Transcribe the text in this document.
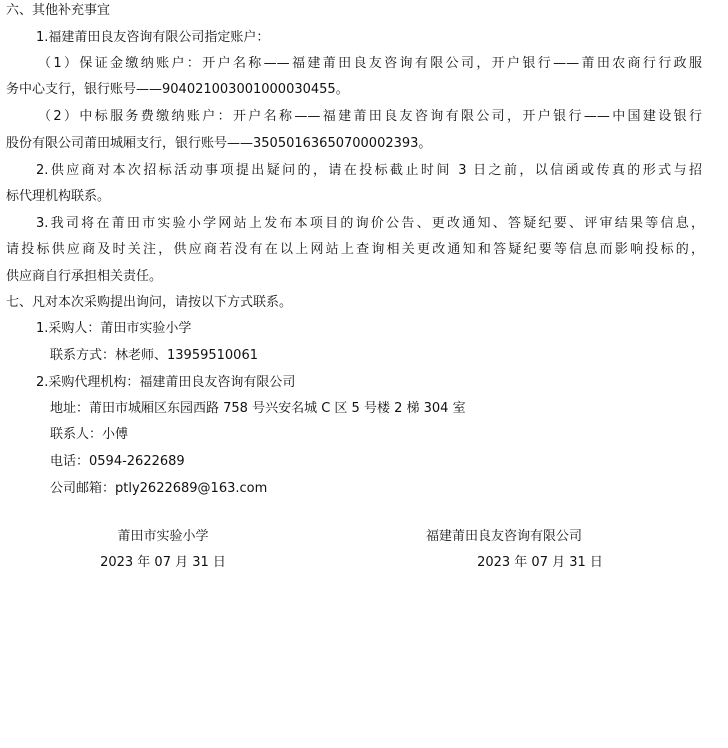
六、其他补充事宜
1.福建莆田良友咨询有限公司指定账户：
（1）保证金缴纳账户：开户名称——福建莆田良友咨询有限公司，开户银行——莆田农商行行政服
务中心支行，银行账号——904021003001000030455。
（2）中标服务费缴纳账户：开户名称——福建莆田良友咨询有限公司，开户银行——中国建设银行
股份有限公司莆田城厢支行，银行账号——35050163650700002393。
2.供应商对本次招标活动事项提出疑问的，请在投标截止时间 3 日之前，以信函或传真的形式与招
标代理机构联系。
3.我司将在莆田市实验小学网站上发布本项目的询价公告、更改通知、答疑纪要、评审结果等信息，
请投标供应商及时关注，供应商若没有在以上网站上查询相关更改通知和答疑纪要等信息而影响投标的，
供应商自行承担相关责任。
七、凡对本次采购提出询问，请按以下方式联系。
1.采购人：莆田市实验小学
联系方式：林老师、13959510061
2.采购代理机构：福建莆田良友咨询有限公司
地址：莆田市城厢区东园西路 758 号兴安名城 C 区 5 号楼 2 梯 304 室
联系人：小傅
电话：0594-2622689
公司邮箱：ptly2622689@163.com
莆田市实验小学
2023 年 07 月 31 日
福建莆田良友咨询有限公司
2023 年 07 月 31 日
